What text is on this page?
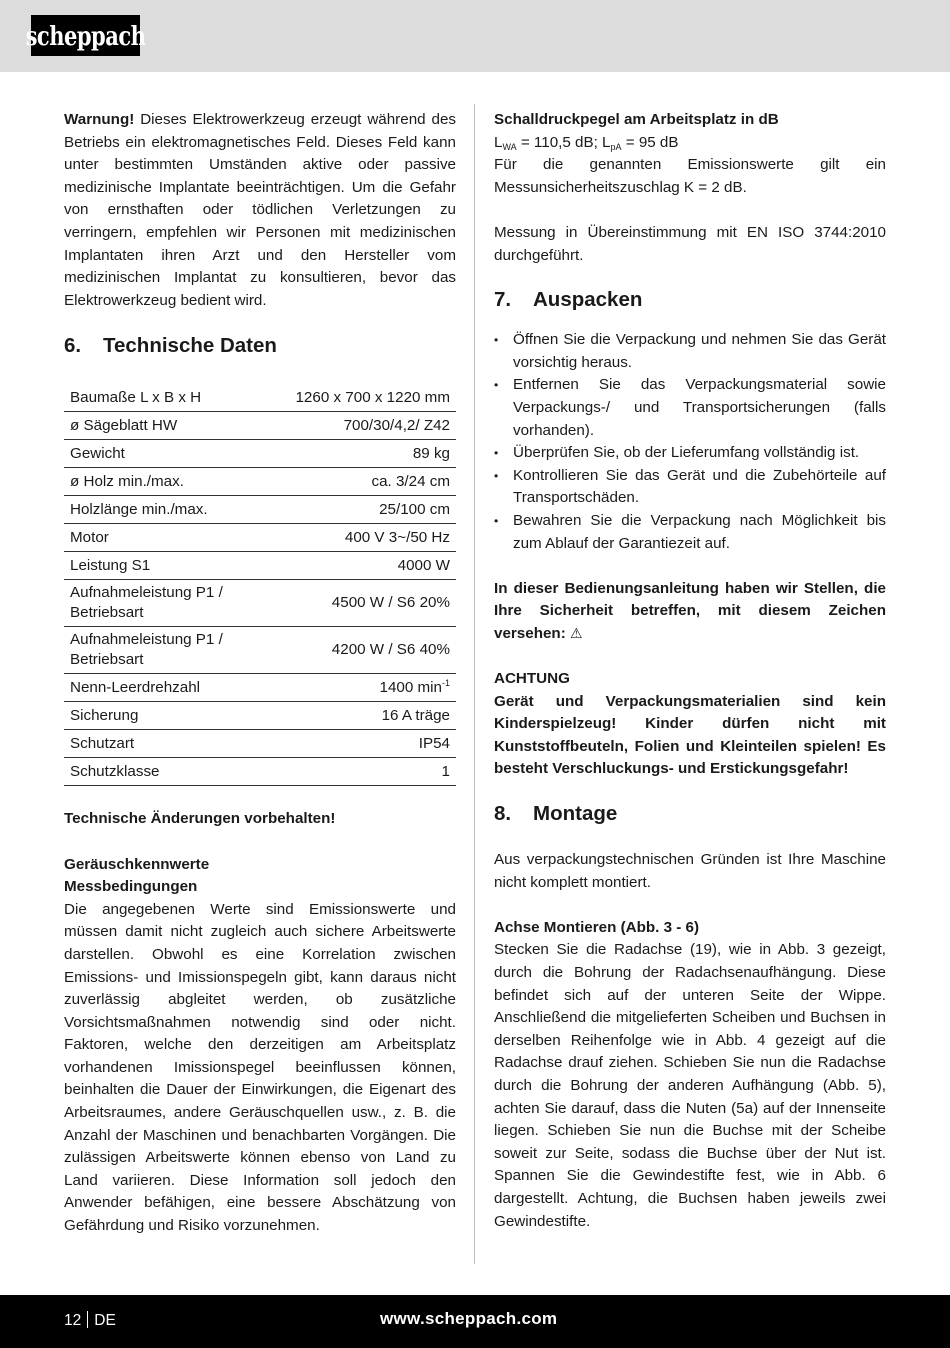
scheppach

Warnung! Dieses Elektrowerkzeug erzeugt während des Betriebs ein elektromagnetisches Feld. Dieses Feld kann unter bestimmten Umständen aktive oder passive medizinische Implantate beeinträchtigen. Um die Gefahr von ernsthaften oder tödlichen Verletzungen zu verringern, empfehlen wir Personen mit medizinischen Implantaten ihren Arzt und den Hersteller vom medizinischen Implantat zu konsultieren, bevor das Elektrowerkzeug bedient wird.

6.	Technische Daten
Baumaße L x B x H	1260 x 700 x 1220 mm
ø Sägeblatt HW	700/30/4,2/ Z42
Gewicht	89 kg
ø Holz min./max.	ca. 3/24 cm
Holzlänge min./max.	25/100 cm
Motor	400 V 3~/50 Hz
Leistung S1	4000 W
Aufnahmeleistung P1 / Betriebsart	4500 W / S6 20%
Aufnahmeleistung P1 / Betriebsart	4200 W / S6 40%
Nenn-Leerdrehzahl	1400 $\min^{-1}$
Sicherung	16 A träge
Schutzart	IP54
Schutzklasse	1

Technische Änderungen vorbehalten!

Geräuschkennwerte

Messbedingungen

Die angegebenen Werte sind Emissionswerte und müssen damit nicht zugleich auch sichere Arbeitswerte darstellen. Obwohl es eine Korrelation zwischen Emissions- und Imissionspegeln gibt, kann daraus nicht zuverlässig abgleitet werden, ob zusätzliche Vorsichtsmaßnahmen notwendig sind oder nicht. Faktoren, welche den derzeitigen am Arbeitsplatz vorhandenen Imissionspegel beeinflussen können, beinhalten die Dauer der Einwirkungen, die Eigenart des Arbeitsraumes, andere Geräuschquellen usw., z. B. die Anzahl der Maschinen und benachbarten Vorgängen. Die zulässigen Arbeitswerte können ebenso von Land zu Land variieren. Diese Information soll jedoch den Anwender befähigen, eine bessere Abschätzung von Gefährdung und Risiko vorzunehmen.

Schalldruckpegel am Arbeitsplatz in dB

$L_{WA} = 110,5$ dB; $L_{pA} = 95$ dB

Für die genannten Emissionswerte gilt ein Messunsicherheitszuschlag K = 2 dB.

Messung in Übereinstimmung mit EN ISO 3744:2010 durchgeführt.

7.	Auspacken
• Öffnen Sie die Verpackung und nehmen Sie das Gerät vorsichtig heraus.
• Entfernen Sie das Verpackungsmaterial sowie Verpackungs-/ und Transportsicherungen (falls vorhanden).
• Überprüfen Sie, ob der Lieferumfang vollständig ist.
• Kontrollieren Sie das Gerät und die Zubehörteile auf Transportschäden.
• Bewahren Sie die Verpackung nach Möglichkeit bis zum Ablauf der Garantiezeit auf.

In dieser Bedienungsanleitung haben wir Stellen, die Ihre Sicherheit betreffen, mit diesem Zeichen versehen: ⚠

ACHTUNG

Gerät und Verpackungsmaterialien sind kein Kinderspielzeug! Kinder dürfen nicht mit Kunststoffbeuteln, Folien und Kleinteilen spielen! Es besteht Verschluckungs- und Erstickungsgefahr!

8.	Montage

Aus verpackungstechnischen Gründen ist Ihre Maschine nicht komplett montiert.

Achse Montieren (Abb. 3 - 6)

Stecken Sie die Radachse (19), wie in Abb. 3 gezeigt, durch die Bohrung der Radachsenaufhängung. Diese befindet sich auf der unteren Seite der Wippe. Anschließend die mitgelieferten Scheiben und Buchsen in derselben Reihenfolge wie in Abb. 4 gezeigt auf die Radachse drauf ziehen. Schieben Sie nun die Radachse durch die Bohrung der anderen Aufhängung (Abb. 5), achten Sie darauf, dass die Nuten (5a) auf der Innenseite liegen. Schieben Sie nun die Buchse mit der Scheibe soweit zur Seite, sodass die Buchse über der Nut ist. Spannen Sie die Gewindestifte fest, wie in Abb. 6 dargestellt. Achtung, die Buchsen haben jeweils zwei Gewindestifte.

12 DE	www.scheppach.com
